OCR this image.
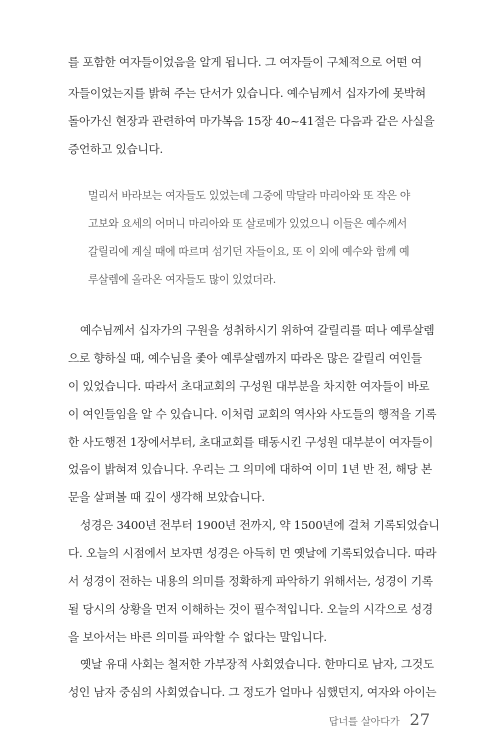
를 포함한 여자들이었음을 알게 됩니다. 그 여자들이 구체적으로 어떤 여

자들이었는지를 밝혀 주는 단서가 있습니다. 예수님께서 십자가에 못박혀

돌아가신 현장과 관련하여 마가복음 15장 40~41절은 다음과 같은 사실을

증언하고 있습니다.

멀리서 바라보는 여자들도 있었는데 그중에 막달라 마리아와 또 작은 야

고보와 요세의 어머니 마리아와 또 살로메가 있었으니 이들은 예수께서

갈릴리에 계실 때에 따르며 섬기던 자들이요, 또 이 외에 예수와 함께 예

루살렘에 올라온 여자들도 많이 있었더라.

예수님께서 십자가의 구원을 성취하시기 위하여 갈릴리를 떠나 예루살렘

으로 향하실 때, 예수님을 좇아 예루살렘까지 따라온 많은 갈릴리 여인들

이 있었습니다. 따라서 초대교회의 구성원 대부분을 차지한 여자들이 바로

이 여인들임을 알 수 있습니다. 이처럼 교회의 역사와 사도들의 행적을 기록

한 사도행전 1장에서부터, 초대교회를 태동시킨 구성원 대부분이 여자들이

었음이 밝혀져 있습니다. 우리는 그 의미에 대하여 이미 1년 반 전, 해당 본

문을 살펴볼 때 깊이 생각해 보았습니다.

성경은 3400년 전부터 1900년 전까지, 약 1500년에 걸쳐 기록되었습니

다. 오늘의 시점에서 보자면 성경은 아득히 먼 옛날에 기록되었습니다. 따라

서 성경이 전하는 내용의 의미를 정확하게 파악하기 위해서는, 성경이 기록

될 당시의 상황을 먼저 이해하는 것이 필수적입니다. 오늘의 시각으로 성경

을 보아서는 바른 의미를 파악할 수 없다는 말입니다.

옛날 유대 사회는 철저한 가부장적 사회였습니다. 한마디로 남자, 그것도

성인 남자 중심의 사회였습니다. 그 정도가 얼마나 심했던지, 여자와 아이는

답너를 살아다가 27
